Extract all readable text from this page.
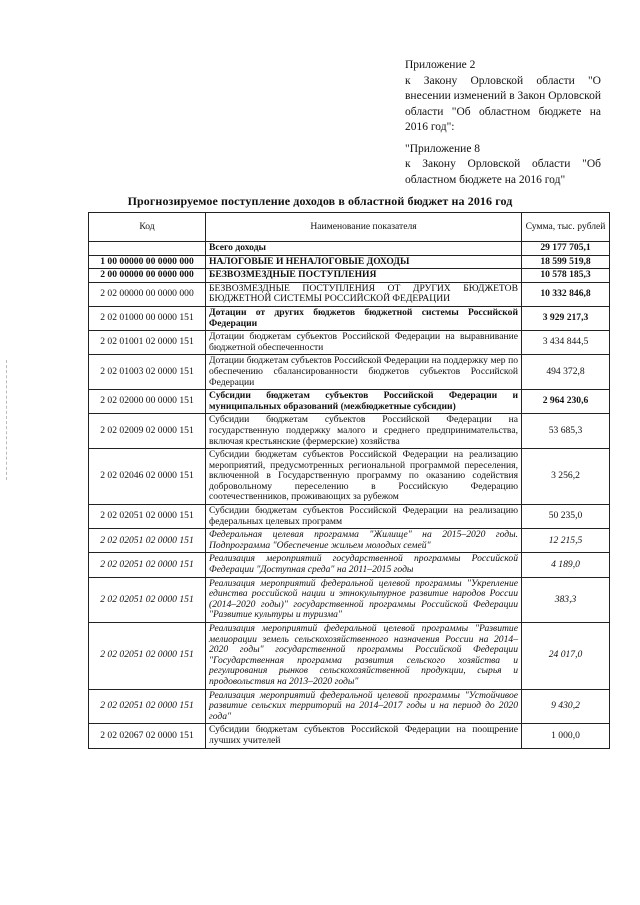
Приложение 2

к Закону Орловской области "О внесении изменений в Закон Орловской области "Об областном бюджете на 2016 год":

"Приложение 8

к Закону Орловской области "Об областном бюджете на 2016 год"

Прогнозируемое поступление доходов в областной бюджет на 2016 год
Код	Наименование показателя	Сумма, тыс. рублей
	Всего доходы	29 177 705,1
1 00 00000 00 0000 000	НАЛОГОВЫЕ И НЕНАЛОГОВЫЕ ДОХОДЫ	18 599 519,8
2 00 00000 00 0000 000	БЕЗВОЗМЕЗДНЫЕ ПОСТУПЛЕНИЯ	10 578 185,3
2 02 00000 00 0000 000	БЕЗВОЗМЕЗДНЫЕ ПОСТУПЛЕНИЯ ОТ ДРУГИХ БЮДЖЕТОВ БЮДЖЕТНОЙ СИСТЕМЫ РОССИЙСКОЙ ФЕДЕРАЦИИ	10 332 846,8
2 02 01000 00 0000 151	Дотации от других бюджетов бюджетной системы Российской Федерации	3 929 217,3
2 02 01001 02 0000 151	Дотации бюджетам субъектов Российской Федерации на выравнивание бюджетной обеспеченности	3 434 844,5
2 02 01003 02 0000 151	Дотации бюджетам субъектов Российской Федерации на поддержку мер по обеспечению сбалансированности бюджетов субъектов Российской Федерации	494 372,8
2 02 02000 00 0000 151	Субсидии бюджетам субъектов Российской Федерации и муниципальных образований (межбюджетные субсидии)	2 964 230,6
2 02 02009 02 0000 151	Субсидии бюджетам субъектов Российской Федерации на государственную поддержку малого и среднего предпринимательства, включая крестьянские (фермерские) хозяйства	53 685,3
2 02 02046 02 0000 151	Субсидии бюджетам субъектов Российской Федерации на реализацию мероприятий, предусмотренных региональной программой переселения, включенной в Государственную программу по оказанию содействия добровольному переселению в Российскую Федерацию соотечественников, проживающих за рубежом	3 256,2
2 02 02051 02 0000 151	Субсидии бюджетам субъектов Российской Федерации на реализацию федеральных целевых программ	50 235,0
2 02 02051 02 0000 151	Федеральная целевая программа "Жилище" на 2015–2020 годы. Подпрограмма "Обеспечение жильем молодых семей"	12 215,5
2 02 02051 02 0000 151	Реализация мероприятий государственной программы Российской Федерации "Доступная среда" на 2011–2015 годы	4 189,0
2 02 02051 02 0000 151	Реализация мероприятий федеральной целевой программы "Укрепление единства российской нации и этнокультурное развитие народов России (2014–2020 годы)" государственной программы Российской Федерации "Развитие культуры и туризма"	383,3
2 02 02051 02 0000 151	Реализация мероприятий федеральной целевой программы "Развитие мелиорации земель сельскохозяйственного назначения России на 2014–2020 годы" государственной программы Российской Федерации "Государственная программа развития сельского хозяйства и регулирования рынков сельскохозяйственной продукции, сырья и продовольствия на 2013–2020 годы"	24 017,0
2 02 02051 02 0000 151	Реализация мероприятий федеральной целевой программы "Устойчивое развитие сельских территорий на 2014–2017 годы и на период до 2020 года"	9 430,2
2 02 02067 02 0000 151	Субсидии бюджетам субъектов Российской Федерации на поощрение лучших учителей	1 000,0
